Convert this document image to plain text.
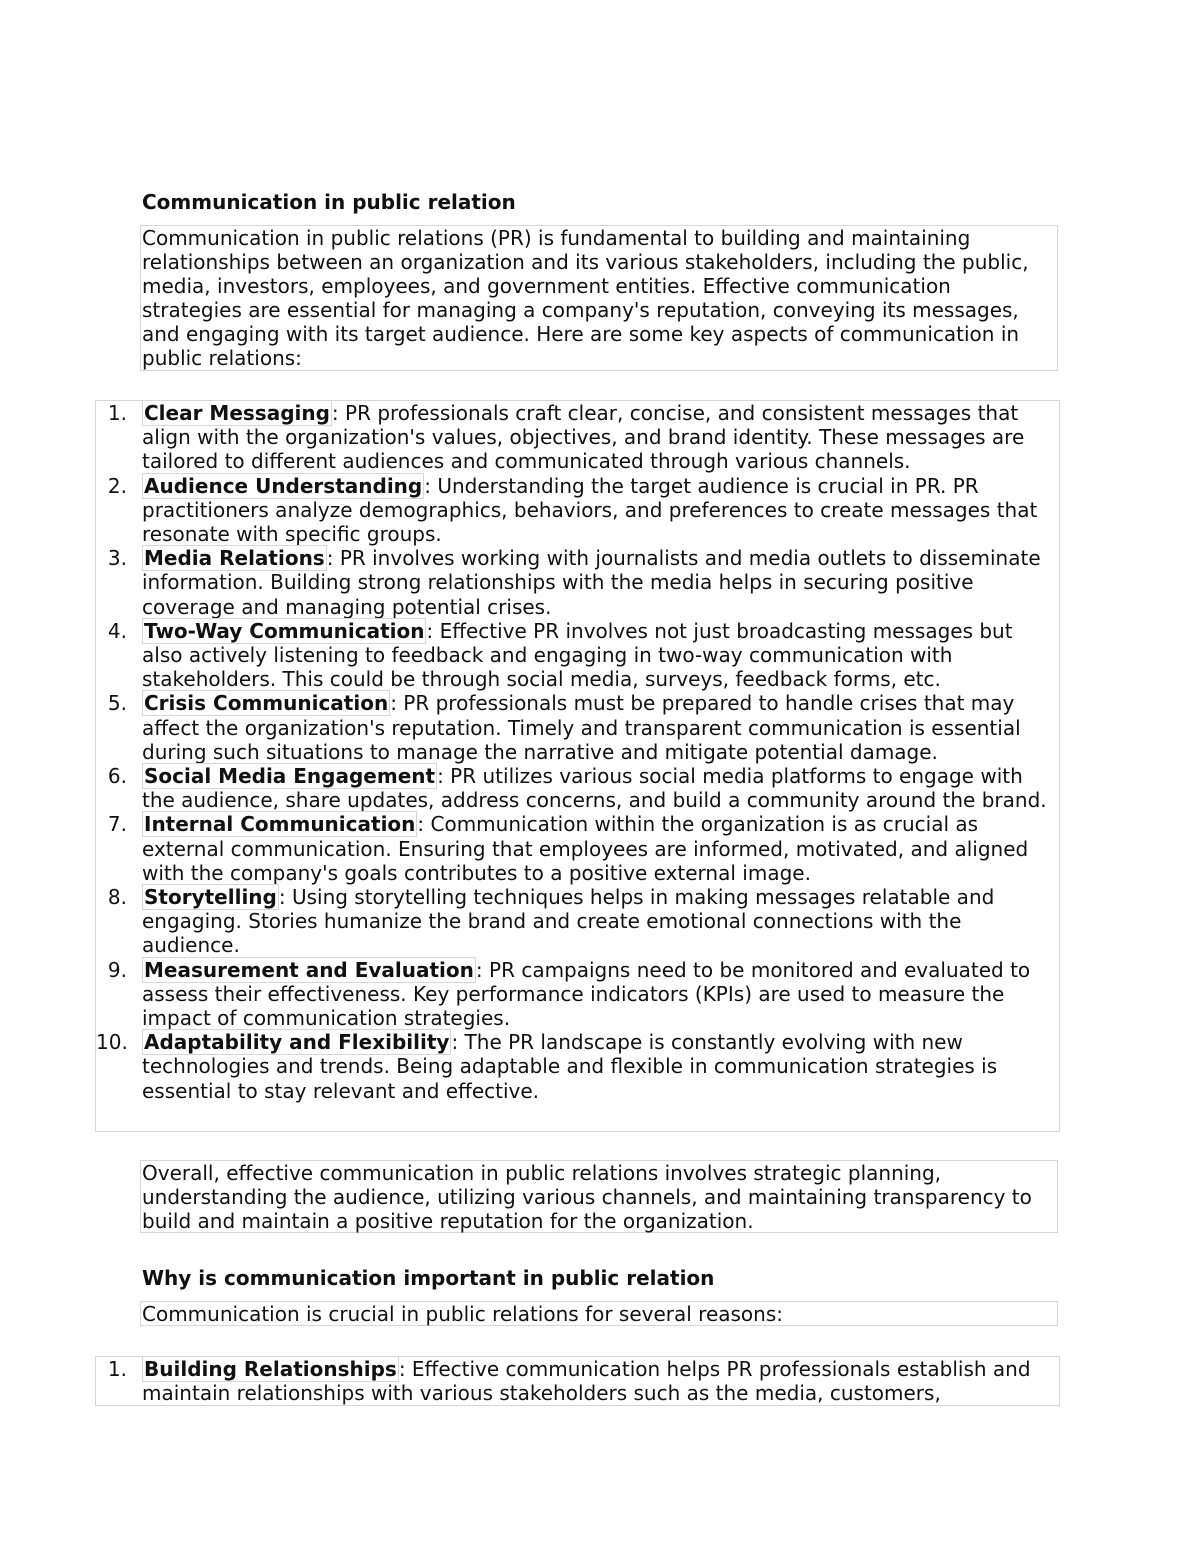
Communication in public relation
Communication in public relations (PR) is fundamental to building and maintaining relationships between an organization and its various stakeholders, including the public, media, investors, employees, and government entities. Effective communication strategies are essential for managing a company's reputation, conveying its messages, and engaging with its target audience. Here are some key aspects of communication in public relations:
1. Clear Messaging : PR professionals craft clear, concise, and consistent messages that align with the organization's values, objectives, and brand identity. These messages are tailored to different audiences and communicated through various channels.
2. Audience Understanding : Understanding the target audience is crucial in PR. PR practitioners analyze demographics, behaviors, and preferences to create messages that resonate with specific groups.
3. Media Relations : PR involves working with journalists and media outlets to disseminate information. Building strong relationships with the media helps in securing positive coverage and managing potential crises.
4. Two-Way Communication : Effective PR involves not just broadcasting messages but also actively listening to feedback and engaging in two-way communication with stakeholders. This could be through social media, surveys, feedback forms, etc.
5. Crisis Communication : PR professionals must be prepared to handle crises that may affect the organization's reputation. Timely and transparent communication is essential during such situations to manage the narrative and mitigate potential damage.
6. Social Media Engagement : PR utilizes various social media platforms to engage with the audience, share updates, address concerns, and build a community around the brand.
7. Internal Communication : Communication within the organization is as crucial as external communication. Ensuring that employees are informed, motivated, and aligned with the company's goals contributes to a positive external image.
8. Storytelling : Using storytelling techniques helps in making messages relatable and engaging. Stories humanize the brand and create emotional connections with the audience.
9. Measurement and Evaluation : PR campaigns need to be monitored and evaluated to assess their effectiveness. Key performance indicators (KPIs) are used to measure the impact of communication strategies.
10. Adaptability and Flexibility : The PR landscape is constantly evolving with new technologies and trends. Being adaptable and flexible in communication strategies is essential to stay relevant and effective.
Overall, effective communication in public relations involves strategic planning, understanding the audience, utilizing various channels, and maintaining transparency to build and maintain a positive reputation for the organization.
Why is communication important in public relation
Communication is crucial in public relations for several reasons:
1. Building Relationships : Effective communication helps PR professionals establish and maintain relationships with various stakeholders such as the media, customers,
